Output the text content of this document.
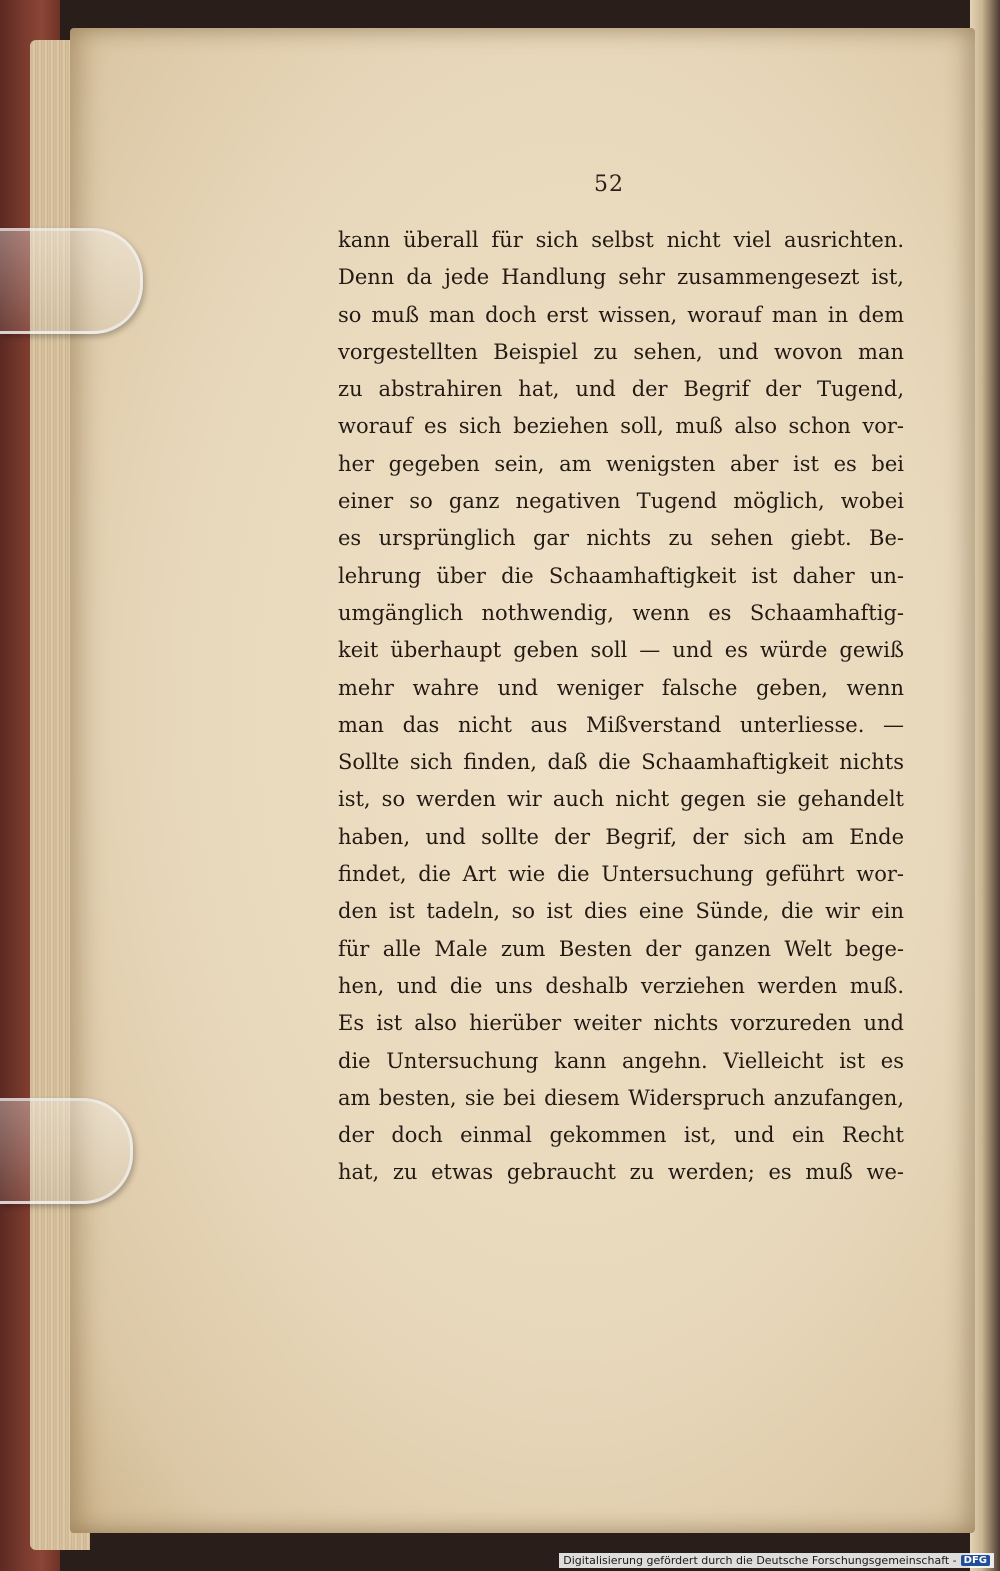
52
kann überall für sich selbst nicht viel ausrichten.
Denn da jede Handlung sehr zusammengesezt ist,
so muß man doch erst wissen, worauf man in dem
vorgestellten Beispiel zu sehen, und wovon man
zu abstrahiren hat, und der Begrif der Tugend,
worauf es sich beziehen soll, muß also schon vor-
her gegeben sein, am wenigsten aber ist es bei
einer so ganz negativen Tugend möglich, wobei
es ursprünglich gar nichts zu sehen giebt. Be-
lehrung über die Schaamhaftigkeit ist daher un-
umgänglich nothwendig, wenn es Schaamhaftig-
keit überhaupt geben soll — und es würde gewiß
mehr wahre und weniger falsche geben, wenn
man das nicht aus Mißverstand unterliesse. —
Sollte sich finden, daß die Schaamhaftigkeit nichts
ist, so werden wir auch nicht gegen sie gehandelt
haben, und sollte der Begrif, der sich am Ende
findet, die Art wie die Untersuchung geführt wor-
den ist tadeln, so ist dies eine Sünde, die wir ein
für alle Male zum Besten der ganzen Welt bege-
hen, und die uns deshalb verziehen werden muß.
Es ist also hierüber weiter nichts vorzureden und
die Untersuchung kann angehn. Vielleicht ist es
am besten, sie bei diesem Widerspruch anzufangen,
der doch einmal gekommen ist, und ein Recht
hat, zu etwas gebraucht zu werden; es muß we-
Digitalisierung gefördert durch die Deutsche Forschungsgemeinschaft - DFG
